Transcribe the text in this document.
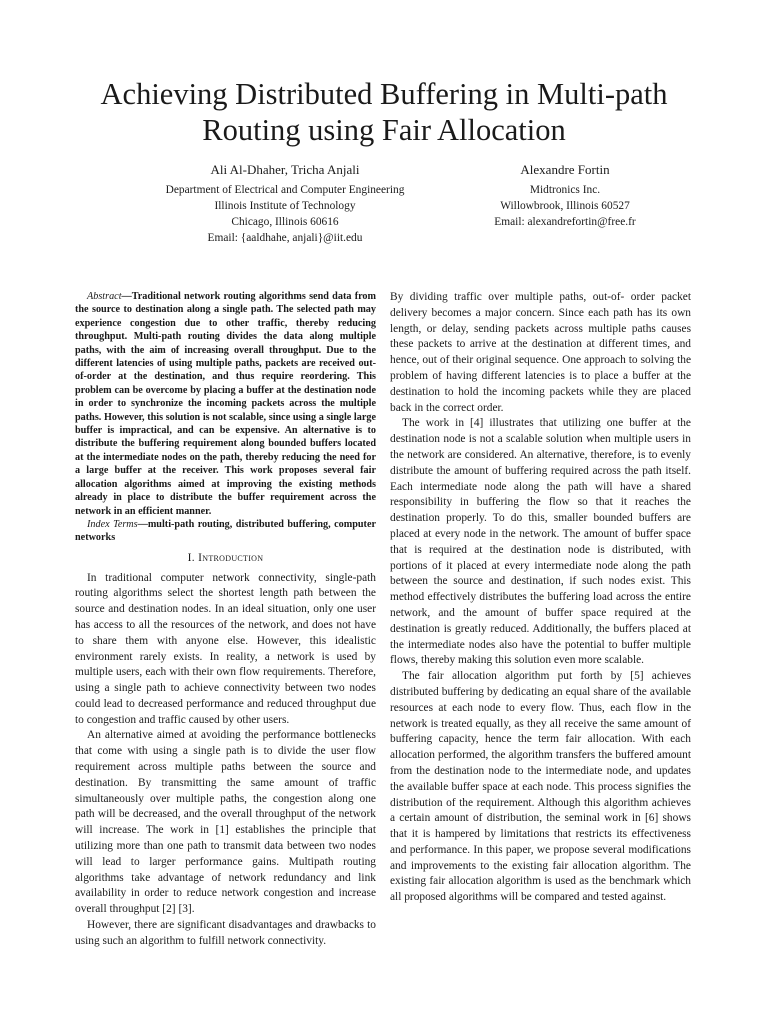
Achieving Distributed Buffering in Multi-path Routing using Fair Allocation
Ali Al-Dhaher, Tricha Anjali
Department of Electrical and Computer Engineering
Illinois Institute of Technology
Chicago, Illinois 60616
Email: {aaldhahe, anjali}@iit.edu
Alexandre Fortin
Midtronics Inc.
Willowbrook, Illinois 60527
Email: alexandrefortin@free.fr

Abstract—Traditional network routing algorithms send data from the source to destination along a single path. The selected path may experience congestion due to other traffic, thereby reducing throughput. Multi-path routing divides the data along multiple paths, with the aim of increasing overall throughput. Due to the different latencies of using multiple paths, packets are received out-of-order at the destination, and thus require reordering. This problem can be overcome by placing a buffer at the destination node in order to synchronize the incoming packets across the multiple paths. However, this solution is not scalable, since using a single large buffer is impractical, and can be expensive. An alternative is to distribute the buffering requirement along bounded buffers located at the intermediate nodes on the path, thereby reducing the need for a large buffer at the receiver. This work proposes several fair allocation algorithms aimed at improving the existing methods already in place to distribute the buffer requirement across the network in an efficient manner.

Index Terms—multi-path routing, distributed buffering, computer networks

I. Introduction

In traditional computer network connectivity, single-path routing algorithms select the shortest length path between the source and destination nodes. In an ideal situation, only one user has access to all the resources of the network, and does not have to share them with anyone else. However, this idealistic environment rarely exists. In reality, a network is used by multiple users, each with their own flow requirements. Therefore, using a single path to achieve connectivity between two nodes could lead to decreased performance and reduced throughput due to congestion and traffic caused by other users.

An alternative aimed at avoiding the performance bottlenecks that come with using a single path is to divide the user flow requirement across multiple paths between the source and destination. By transmitting the same amount of traffic simultaneously over multiple paths, the congestion along one path will be decreased, and the overall throughput of the network will increase. The work in [1] establishes the principle that utilizing more than one path to transmit data between two nodes will lead to larger performance gains. Multipath routing algorithms take advantage of network redundancy and link availability in order to reduce network congestion and increase overall throughput [2] [3].

However, there are significant disadvantages and drawbacks to using such an algorithm to fulfill network connectivity.

By dividing traffic over multiple paths, out-of- order packet delivery becomes a major concern. Since each path has its own length, or delay, sending packets across multiple paths causes these packets to arrive at the destination at different times, and hence, out of their original sequence. One approach to solving the problem of having different latencies is to place a buffer at the destination to hold the incoming packets while they are placed back in the correct order.

The work in [4] illustrates that utilizing one buffer at the destination node is not a scalable solution when multiple users in the network are considered. An alternative, therefore, is to evenly distribute the amount of buffering required across the path itself. Each intermediate node along the path will have a shared responsibility in buffering the flow so that it reaches the destination properly. To do this, smaller bounded buffers are placed at every node in the network. The amount of buffer space that is required at the destination node is distributed, with portions of it placed at every intermediate node along the path between the source and destination, if such nodes exist. This method effectively distributes the buffering load across the entire network, and the amount of buffer space required at the destination is greatly reduced. Additionally, the buffers placed at the intermediate nodes also have the potential to buffer multiple flows, thereby making this solution even more scalable.

The fair allocation algorithm put forth by [5] achieves distributed buffering by dedicating an equal share of the available resources at each node to every flow. Thus, each flow in the network is treated equally, as they all receive the same amount of buffering capacity, hence the term fair allocation. With each allocation performed, the algorithm transfers the buffered amount from the destination node to the intermediate node, and updates the available buffer space at each node. This process signifies the distribution of the requirement. Although this algorithm achieves a certain amount of distribution, the seminal work in [6] shows that it is hampered by limitations that restricts its effectiveness and performance. In this paper, we propose several modifications and improvements to the existing fair allocation algorithm. The existing fair allocation algorithm is used as the benchmark which all proposed algorithms will be compared and tested against.
